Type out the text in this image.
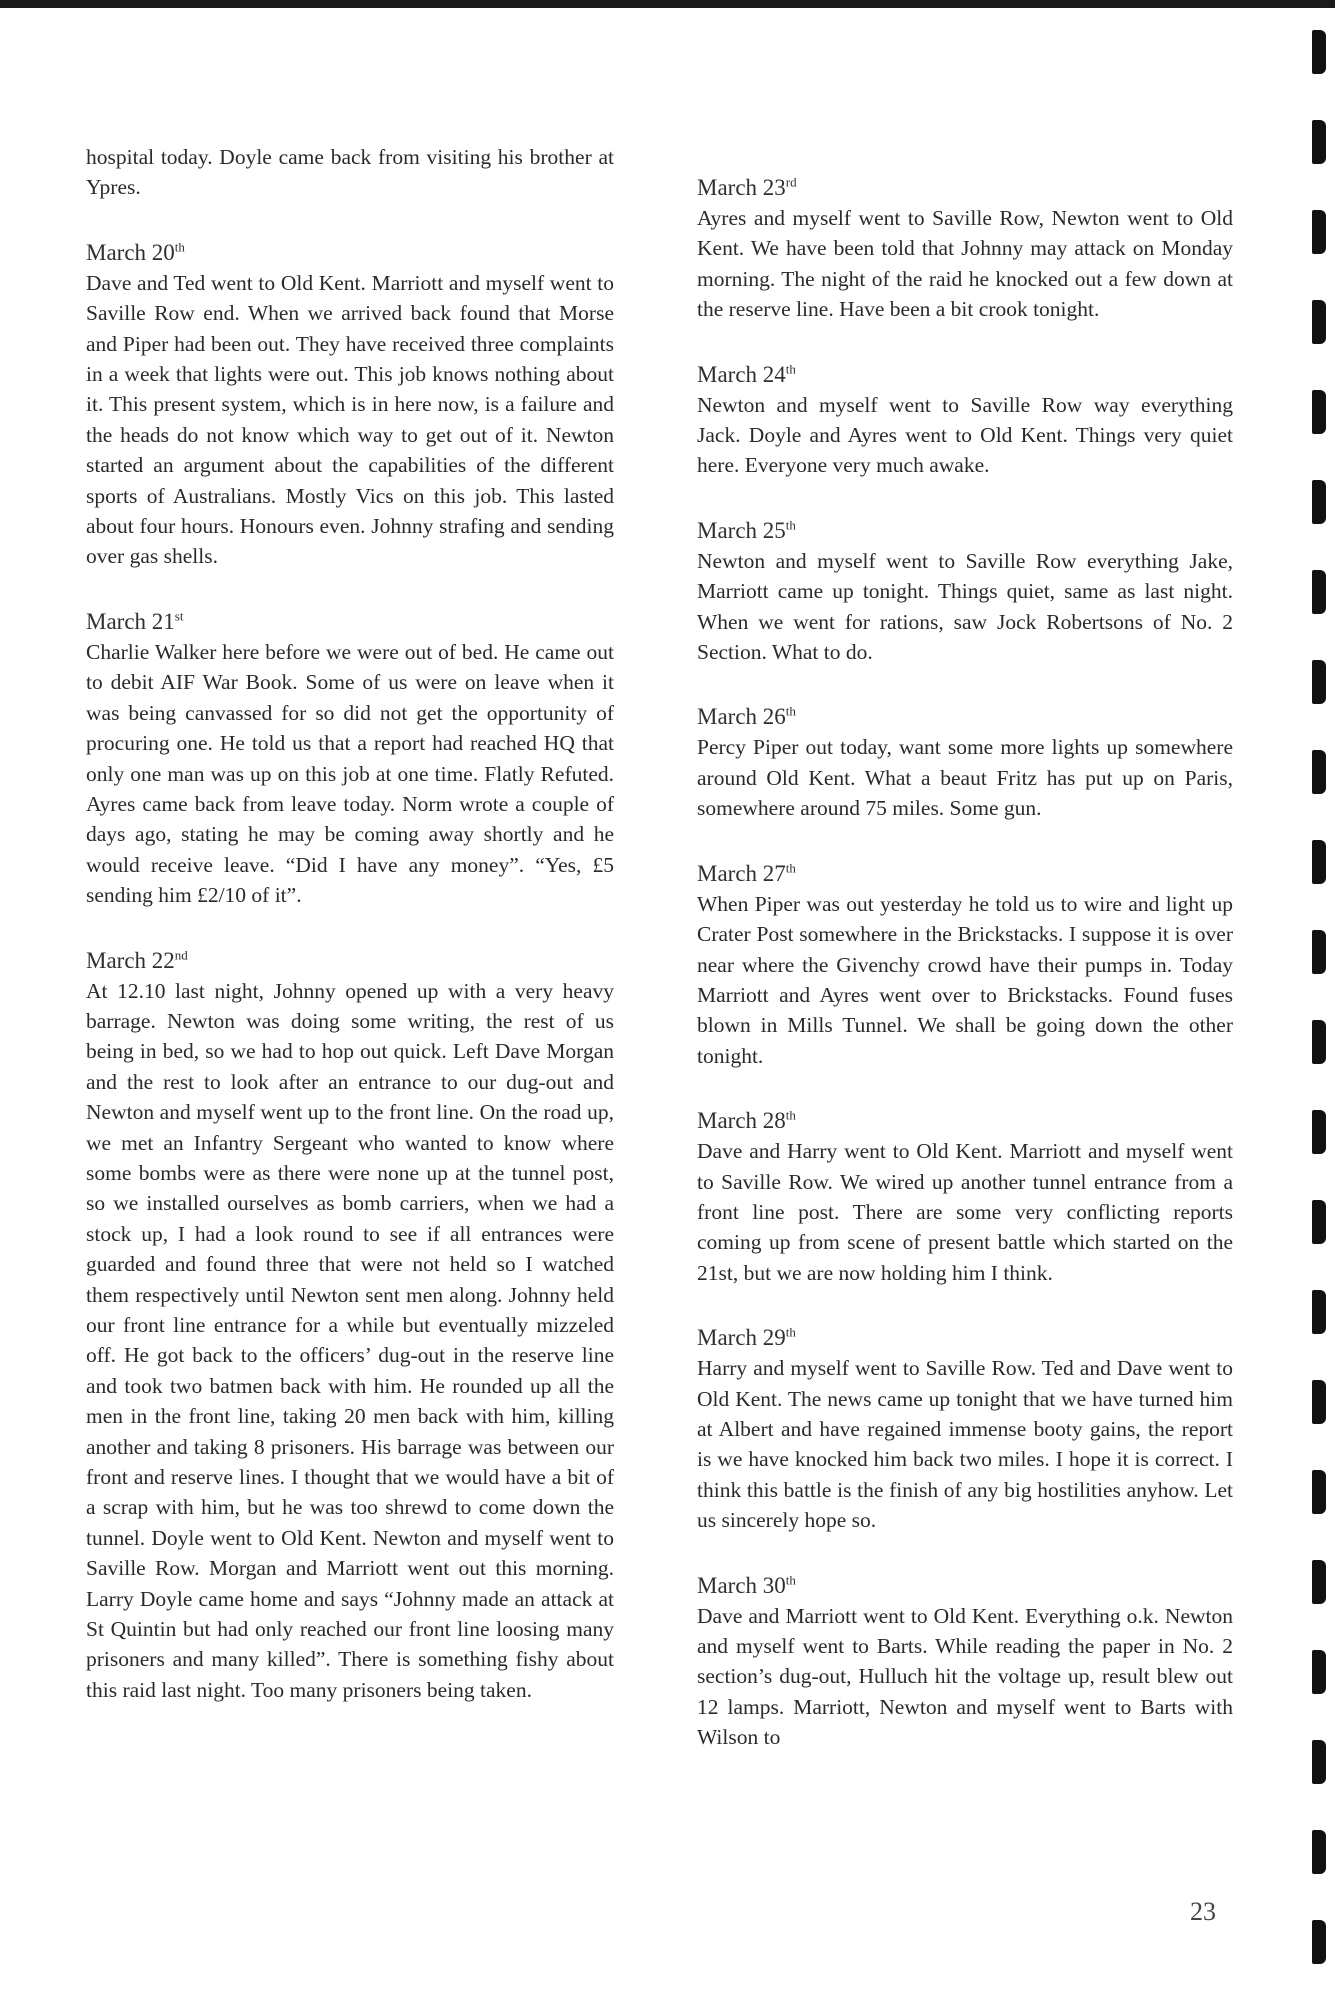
hospital today. Doyle came back from visiting his brother at Ypres.

March 20th

Dave and Ted went to Old Kent. Marriott and myself went to Saville Row end. When we arrived back found that Morse and Piper had been out. They have received three complaints in a week that lights were out. This job knows nothing about it. This present system, which is in here now, is a failure and the heads do not know which way to get out of it. Newton started an argument about the capabilities of the different sports of Australians. Mostly Vics on this job. This lasted about four hours. Honours even. Johnny strafing and sending over gas shells.

March 21st

Charlie Walker here before we were out of bed. He came out to debit AIF War Book. Some of us were on leave when it was being canvassed for so did not get the opportunity of procuring one. He told us that a report had reached HQ that only one man was up on this job at one time. Flatly Refuted. Ayres came back from leave today. Norm wrote a couple of days ago, stating he may be coming away shortly and he would receive leave. “Did I have any money”. “Yes, £5 sending him £2/10 of it”.

March 22nd

At 12.10 last night, Johnny opened up with a very heavy barrage. Newton was doing some writing, the rest of us being in bed, so we had to hop out quick. Left Dave Morgan and the rest to look after an entrance to our dug-out and Newton and myself went up to the front line. On the road up, we met an Infantry Sergeant who wanted to know where some bombs were as there were none up at the tunnel post, so we installed ourselves as bomb carriers, when we had a stock up, I had a look round to see if all entrances were guarded and found three that were not held so I watched them respectively until Newton sent men along. Johnny held our front line entrance for a while but eventually mizzeled off. He got back to the officers’ dug-out in the reserve line and took two batmen back with him. He rounded up all the men in the front line, taking 20 men back with him, killing another and taking 8 prisoners. His barrage was between our front and reserve lines. I thought that we would have a bit of a scrap with him, but he was too shrewd to come down the tunnel. Doyle went to Old Kent. Newton and myself went to Saville Row. Morgan and Marriott went out this morning. Larry Doyle came home and says “Johnny made an attack at St Quintin but had only reached our front line loosing many prisoners and many killed”. There is something fishy about this raid last night. Too many prisoners being taken.

March 23rd

Ayres and myself went to Saville Row, Newton went to Old Kent. We have been told that Johnny may attack on Monday morning. The night of the raid he knocked out a few down at the reserve line. Have been a bit crook tonight.

March 24th

Newton and myself went to Saville Row way everything Jack. Doyle and Ayres went to Old Kent. Things very quiet here. Everyone very much awake.

March 25th

Newton and myself went to Saville Row everything Jake, Marriott came up tonight. Things quiet, same as last night. When we went for rations, saw Jock Robertsons of No. 2 Section. What to do.

March 26th

Percy Piper out today, want some more lights up somewhere around Old Kent. What a beaut Fritz has put up on Paris, somewhere around 75 miles. Some gun.

March 27th

When Piper was out yesterday he told us to wire and light up Crater Post somewhere in the Brickstacks. I suppose it is over near where the Givenchy crowd have their pumps in. Today Marriott and Ayres went over to Brickstacks. Found fuses blown in Mills Tunnel. We shall be going down the other tonight.

March 28th

Dave and Harry went to Old Kent. Marriott and myself went to Saville Row. We wired up another tunnel entrance from a front line post. There are some very conflicting reports coming up from scene of present battle which started on the 21st, but we are now holding him I think.

March 29th

Harry and myself went to Saville Row. Ted and Dave went to Old Kent. The news came up tonight that we have turned him at Albert and have regained immense booty gains, the report is we have knocked him back two miles. I hope it is correct. I think this battle is the finish of any big hostilities anyhow. Let us sincerely hope so.

March 30th

Dave and Marriott went to Old Kent. Everything o.k. Newton and myself went to Barts. While reading the paper in No. 2 section’s dug-out, Hulluch hit the voltage up, result blew out 12 lamps. Marriott, Newton and myself went to Barts with Wilson to

23
